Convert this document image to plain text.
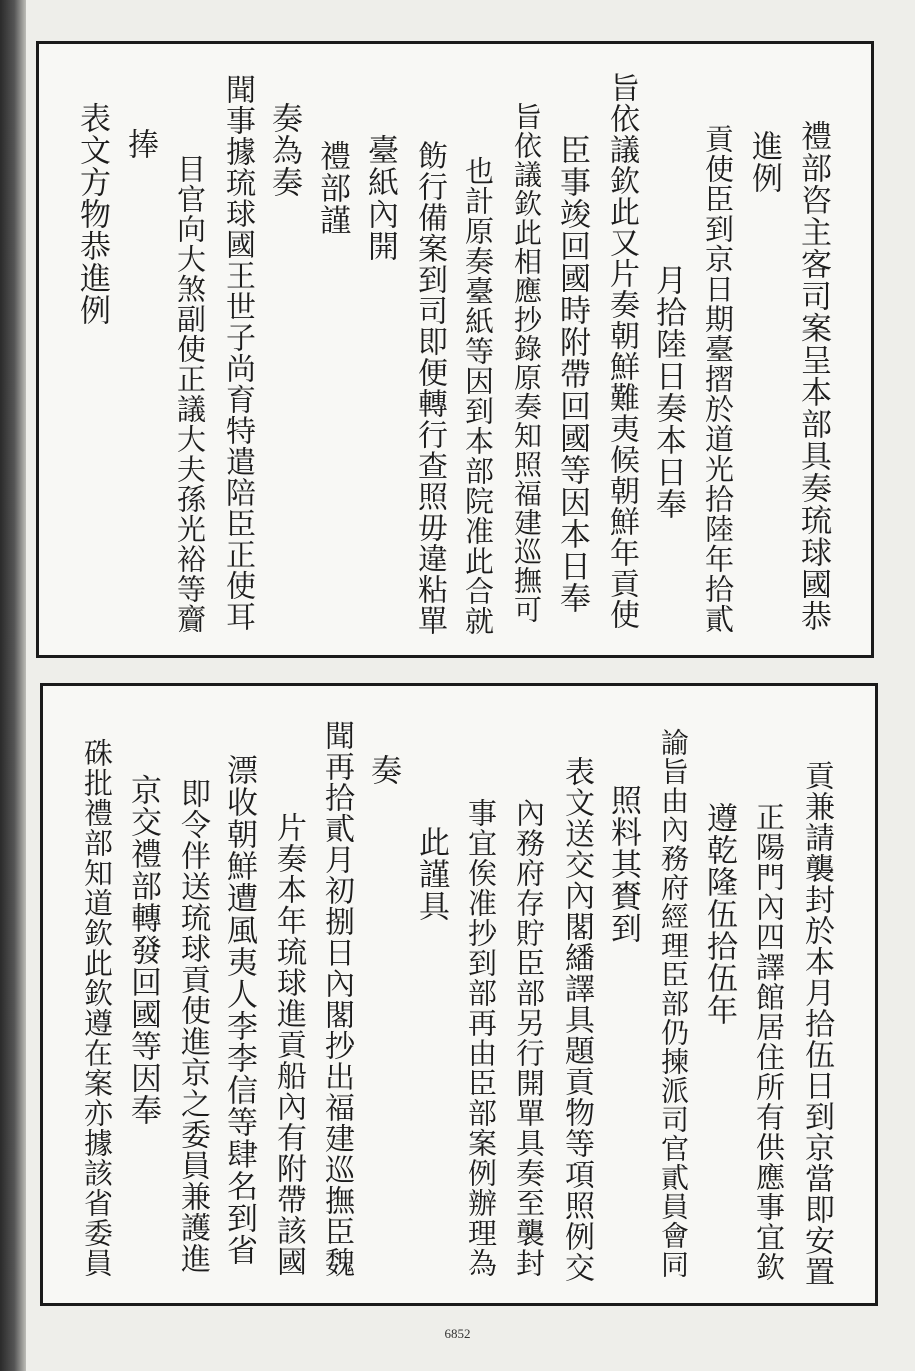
禮部咨主客司案呈本部具奏琉球國恭
進例
貢使臣到京日期臺摺於道光拾陸年拾貳
月拾陸日奏本日奉
旨依議欽此又片奏朝鮮難夷候朝鮮年貢使
臣事竣回國時附帶回國等因本日奉
旨依議欽此相應抄錄原奏知照福建巡撫可
也計原奏臺紙等因到本部院准此合就
飭行備案到司即便轉行查照毋違粘單
臺紙內開
禮部謹
奏為奏
聞事據琉球國王世子尚育特遣陪臣正使耳
目官向大煞副使正議大夫孫光裕等齎
捧
表文方物恭進例
貢兼請襲封於本月拾伍日到京當即安置
正陽門內四譯館居住所有供應事宜欽
遵乾隆伍拾伍年
諭旨由內務府經理臣部仍揀派司官貳員會同
照料其賚到
表文送交內閣繙譯具題貢物等項照例交
內務府存貯臣部另行開單具奏至襲封
事宜俟准抄到部再由臣部案例辦理為
此謹具
奏
聞再拾貳月初捌日內閣抄出福建巡撫臣魏
片奏本年琉球進貢船內有附帶該國
漂收朝鮮遭風夷人李李信等肆名到省
即令伴送琉球貢使進京之委員兼護進
京交禮部轉發回國等因奉
硃批禮部知道欽此欽遵在案亦據該省委員
6852
